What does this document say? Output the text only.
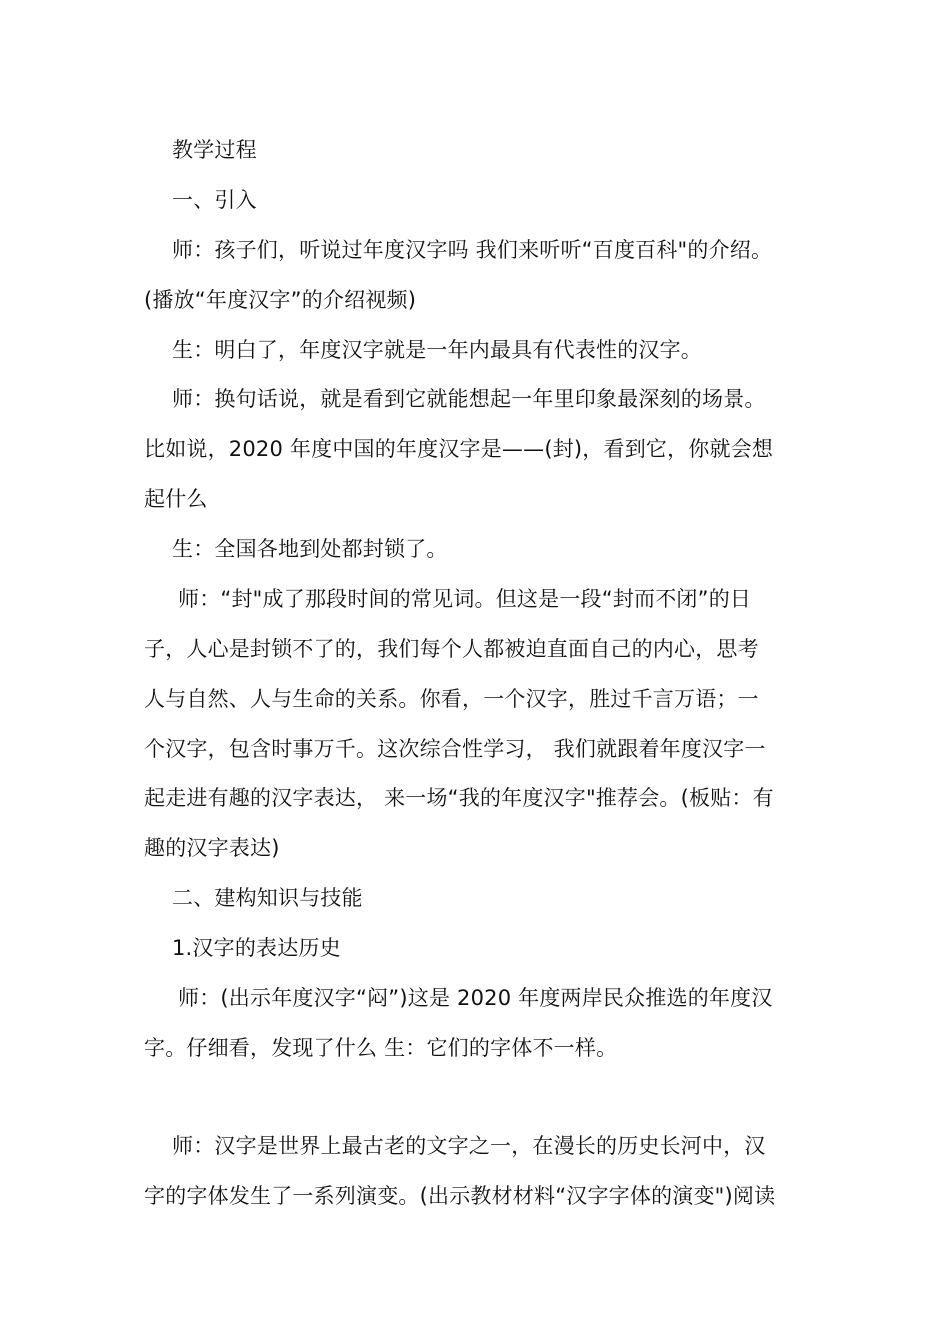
教学过程
一、引入
师：孩子们，听说过年度汉字吗 我们来听听“百度百科"的介绍。
(播放“年度汉字”的介绍视频)
生：明白了，年度汉字就是一年内最具有代表性的汉字。
师：换句话说，就是看到它就能想起一年里印象最深刻的场景。
比如说，2020 年度中国的年度汉字是——(封)，看到它，你就会想
起什么
生：全国各地到处都封锁了。
师：“封"成了那段时间的常见词。但这是一段“封而不闭”的日
子，人心是封锁不了的，我们每个人都被迫直面自己的内心，思考
人与自然、人与生命的关系。你看，一个汉字，胜过千言万语；一
个汉字，包含时事万千。这次综合性学习， 我们就跟着年度汉字一
起走进有趣的汉字表达， 来一场“我的年度汉字"推荐会。(板贴：有
趣的汉字表达)
二、建构知识与技能
1.汉字的表达历史
师：(出示年度汉字“闷”)这是 2020 年度两岸民众推选的年度汉
字。仔细看，发现了什么 生：它们的字体不一样。
师：汉字是世界上最古老的文字之一，在漫长的历史长河中，汉
字的字体发生了一系列演变。(出示教材材料“汉字字体的演变")阅读
